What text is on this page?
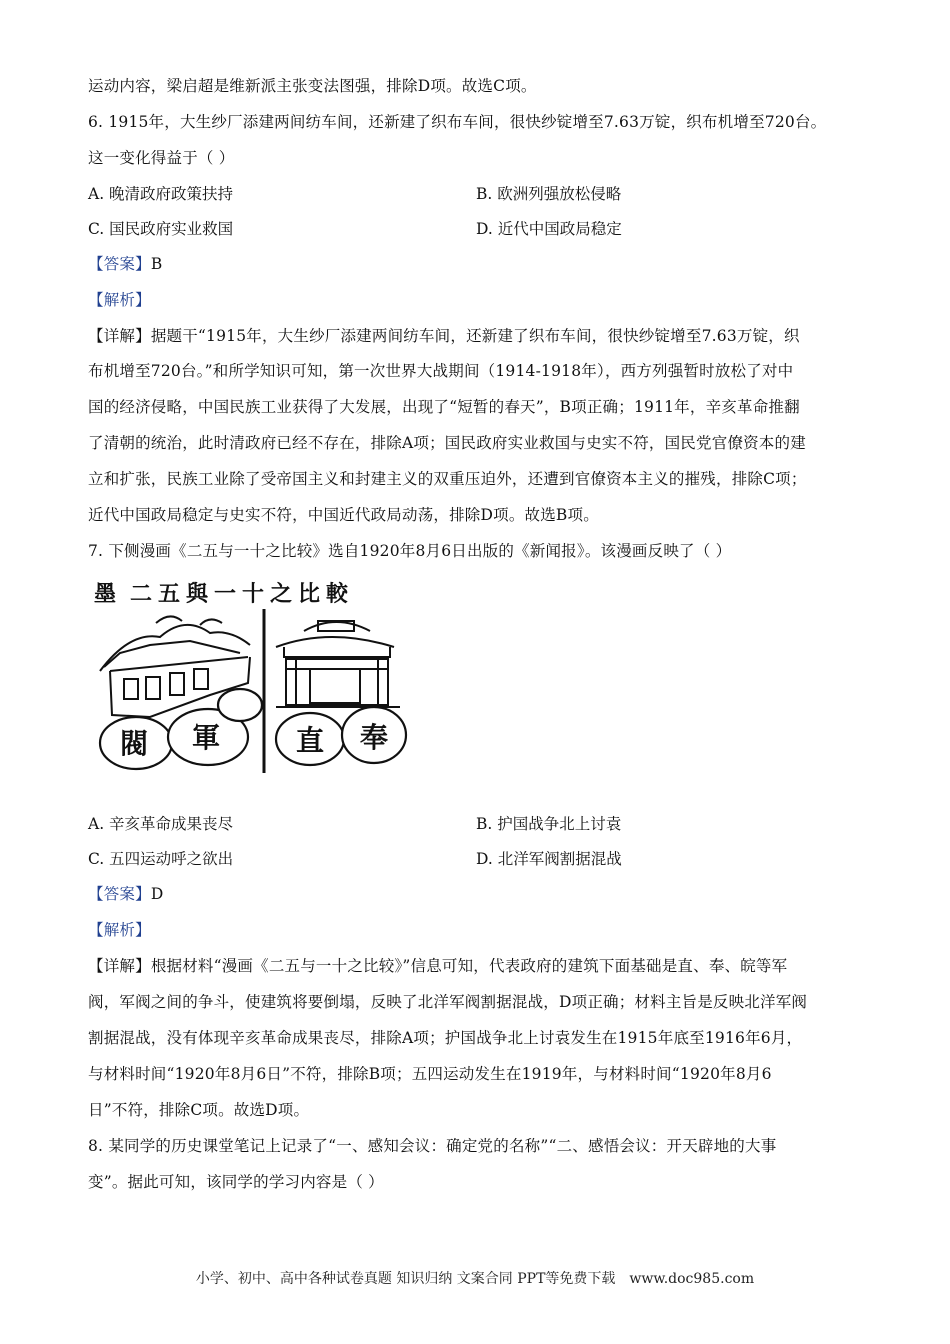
运动内容，梁启超是维新派主张变法图强，排除D项。故选C项。
6. 1915年，大生纱厂添建两间纺车间，还新建了织布车间，很快纱锭增至7.63万锭，织布机增至720台。
这一变化得益于（ ）
A. 晚清政府政策扶持	B. 欧洲列强放松侵略
C. 国民政府实业救国	D. 近代中国政局稳定
【答案】B
【解析】
【详解】据题干“1915年，大生纱厂添建两间纺车间，还新建了织布车间，很快纱锭增至7.63万锭，织
布机增至720台。”和所学知识可知，第一次世界大战期间（1914-1918年），西方列强暂时放松了对中
国的经济侵略，中国民族工业获得了大发展，出现了“短暂的春天”，B项正确；1911年，辛亥革命推翻
了清朝的统治，此时清政府已经不存在，排除A项；国民政府实业救国与史实不符，国民党官僚资本的建
立和扩张，民族工业除了受帝国主义和封建主义的双重压迫外，还遭到官僚资本主义的摧残，排除C项；
近代中国政局稳定与史实不符，中国近代政局动荡，排除D项。故选B项。
7. 下侧漫画《二五与一十之比较》选自1920年8月6日出版的《新闻报》。该漫画反映了（ ）
墨 二五與一十之比較
閥 軍	直 奉
A. 辛亥革命成果丧尽	B. 护国战争北上讨袁
C. 五四运动呼之欲出	D. 北洋军阀割据混战
【答案】D
【解析】
【详解】根据材料“漫画《二五与一十之比较》”信息可知，代表政府的建筑下面基础是直、奉、皖等军
阀，军阀之间的争斗，使建筑将要倒塌，反映了北洋军阀割据混战，D项正确；材料主旨是反映北洋军阀
割据混战，没有体现辛亥革命成果丧尽，排除A项；护国战争北上讨袁发生在1915年底至1916年6月，
与材料时间“1920年8月6日”不符，排除B项；五四运动发生在1919年，与材料时间“1920年8月6
日”不符，排除C项。故选D项。
8. 某同学的历史课堂笔记上记录了“一、感知会议：确定党的名称”“二、感悟会议：开天辟地的大事
变”。据此可知，该同学的学习内容是（ ）
小学、初中、高中各种试卷真题 知识归纳 文案合同 PPT等免费下载 www.doc985.com
